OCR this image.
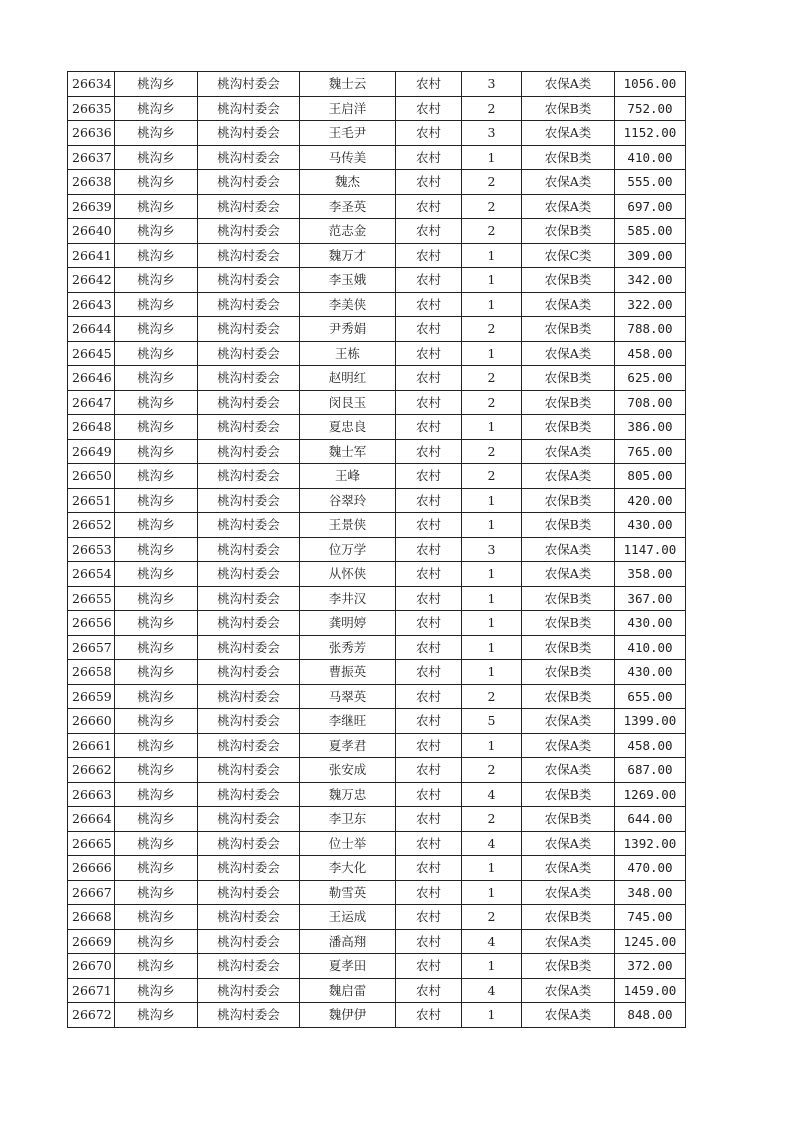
26634	桃沟乡	桃沟村委会	魏士云	农村	3	农保A类	1056.00
26635	桃沟乡	桃沟村委会	王启洋	农村	2	农保B类	752.00
26636	桃沟乡	桃沟村委会	王毛尹	农村	3	农保A类	1152.00
26637	桃沟乡	桃沟村委会	马传美	农村	1	农保B类	410.00
26638	桃沟乡	桃沟村委会	魏杰	农村	2	农保A类	555.00
26639	桃沟乡	桃沟村委会	李圣英	农村	2	农保A类	697.00
26640	桃沟乡	桃沟村委会	范志金	农村	2	农保B类	585.00
26641	桃沟乡	桃沟村委会	魏万才	农村	1	农保C类	309.00
26642	桃沟乡	桃沟村委会	李玉娥	农村	1	农保B类	342.00
26643	桃沟乡	桃沟村委会	李美侠	农村	1	农保A类	322.00
26644	桃沟乡	桃沟村委会	尹秀娟	农村	2	农保B类	788.00
26645	桃沟乡	桃沟村委会	王栋	农村	1	农保A类	458.00
26646	桃沟乡	桃沟村委会	赵明红	农村	2	农保B类	625.00
26647	桃沟乡	桃沟村委会	闵艮玉	农村	2	农保B类	708.00
26648	桃沟乡	桃沟村委会	夏忠良	农村	1	农保B类	386.00
26649	桃沟乡	桃沟村委会	魏士军	农村	2	农保A类	765.00
26650	桃沟乡	桃沟村委会	王峰	农村	2	农保A类	805.00
26651	桃沟乡	桃沟村委会	谷翠玲	农村	1	农保B类	420.00
26652	桃沟乡	桃沟村委会	王景侠	农村	1	农保B类	430.00
26653	桃沟乡	桃沟村委会	位万学	农村	3	农保A类	1147.00
26654	桃沟乡	桃沟村委会	从怀侠	农村	1	农保A类	358.00
26655	桃沟乡	桃沟村委会	李井汉	农村	1	农保B类	367.00
26656	桃沟乡	桃沟村委会	龚明婷	农村	1	农保B类	430.00
26657	桃沟乡	桃沟村委会	张秀芳	农村	1	农保B类	410.00
26658	桃沟乡	桃沟村委会	曹振英	农村	1	农保B类	430.00
26659	桃沟乡	桃沟村委会	马翠英	农村	2	农保B类	655.00
26660	桃沟乡	桃沟村委会	李继旺	农村	5	农保A类	1399.00
26661	桃沟乡	桃沟村委会	夏孝君	农村	1	农保A类	458.00
26662	桃沟乡	桃沟村委会	张安成	农村	2	农保A类	687.00
26663	桃沟乡	桃沟村委会	魏万忠	农村	4	农保B类	1269.00
26664	桃沟乡	桃沟村委会	李卫东	农村	2	农保B类	644.00
26665	桃沟乡	桃沟村委会	位士举	农村	4	农保A类	1392.00
26666	桃沟乡	桃沟村委会	李大化	农村	1	农保A类	470.00
26667	桃沟乡	桃沟村委会	勒雪英	农村	1	农保A类	348.00
26668	桃沟乡	桃沟村委会	王运成	农村	2	农保B类	745.00
26669	桃沟乡	桃沟村委会	潘高翔	农村	4	农保A类	1245.00
26670	桃沟乡	桃沟村委会	夏孝田	农村	1	农保B类	372.00
26671	桃沟乡	桃沟村委会	魏启雷	农村	4	农保A类	1459.00
26672	桃沟乡	桃沟村委会	魏伊伊	农村	1	农保A类	848.00
